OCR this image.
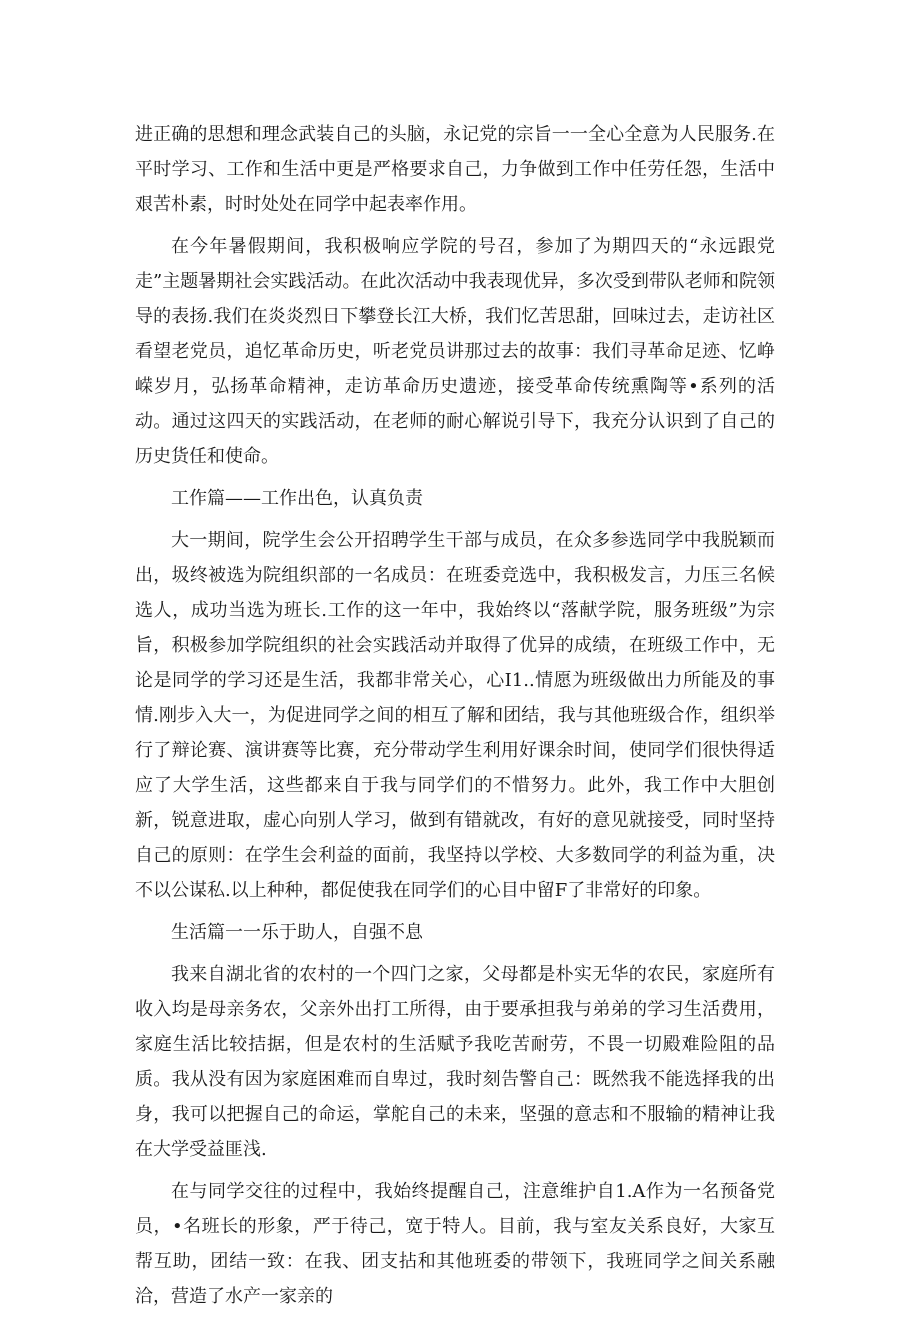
进正确的思想和理念武装自己的头脑，永记党的宗旨一一全心全意为人民服务.在平时学习、工作和生活中更是严格要求自己，力争做到工作中任劳任怨，生活中艰苦朴素，时时处处在同学中起表率作用。

在今年暑假期间，我积极响应学院的号召，参加了为期四天的“永远跟党走”主题暑期社会实践活动。在此次活动中我表现优异，多次受到带队老师和院领导的表扬.我们在炎炎烈日下攀登长江大桥，我们忆苦思甜，回味过去，走访社区看望老党员，追忆革命历史，听老党员讲那过去的故事：我们寻革命足迹、忆峥嵘岁月，弘扬革命精神，走访革命历史遗迹，接受革命传统熏陶等•系列的活动。通过这四天的实践活动，在老师的耐心解说引导下，我充分认识到了自己的历史货任和使命。

工作篇——工作出色，认真负责

大一期间，院学生会公开招聘学生干部与成员，在众多参选同学中我脱颖而出，圾终被选为院组织部的一名成员：在班委竞选中，我积极发言，力压三名候选人，成功当选为班长.工作的这一年中，我始终以“落献学院，服务班级”为宗旨，积极参加学院组织的社会实践活动并取得了优异的成绩，在班级工作中，无论是同学的学习还是生活，我都非常关心，心I1..情愿为班级做出力所能及的事情.刚步入大一，为促进同学之间的相互了解和团结，我与其他班级合作，组织举行了辩论赛、演讲赛等比赛，充分带动学生利用好课余时间，使同学们很快得适应了大学生活，这些都来自于我与同学们的不惜努力。此外，我工作中大胆创新，锐意进取，虚心向别人学习，做到有错就改，有好的意见就接受，同时坚持自己的原则：在学生会利益的面前，我坚持以学校、大多数同学的利益为重，决不以公谋私.以上种种，都促使我在同学们的心目中留F了非常好的印象。

生活篇一一乐于助人，自强不息

我来自湖北省的农村的一个四门之家，父母都是朴实无华的农民，家庭所有收入均是母亲务农，父亲外出打工所得，由于要承担我与弟弟的学习生活费用，家庭生活比较拮据，但是农村的生活赋予我吃苦耐劳，不畏一切殿难险阻的品质。我从没有因为家庭困难而自卑过，我时刻告警自己：既然我不能选择我的出身，我可以把握自己的命运，掌舵自己的未来，坚强的意志和不服输的精神让我在大学受益匪浅.

在与同学交往的过程中，我始终提醒自己，注意维护自1.A作为一名预备党员，•名班长的形象，严于待己，宽于特人。目前，我与室友关系良好，大家互帮互助，团结一致：在我、团支拈和其他班委的带领下，我班同学之间关系融洽，营造了水产一家亲的
